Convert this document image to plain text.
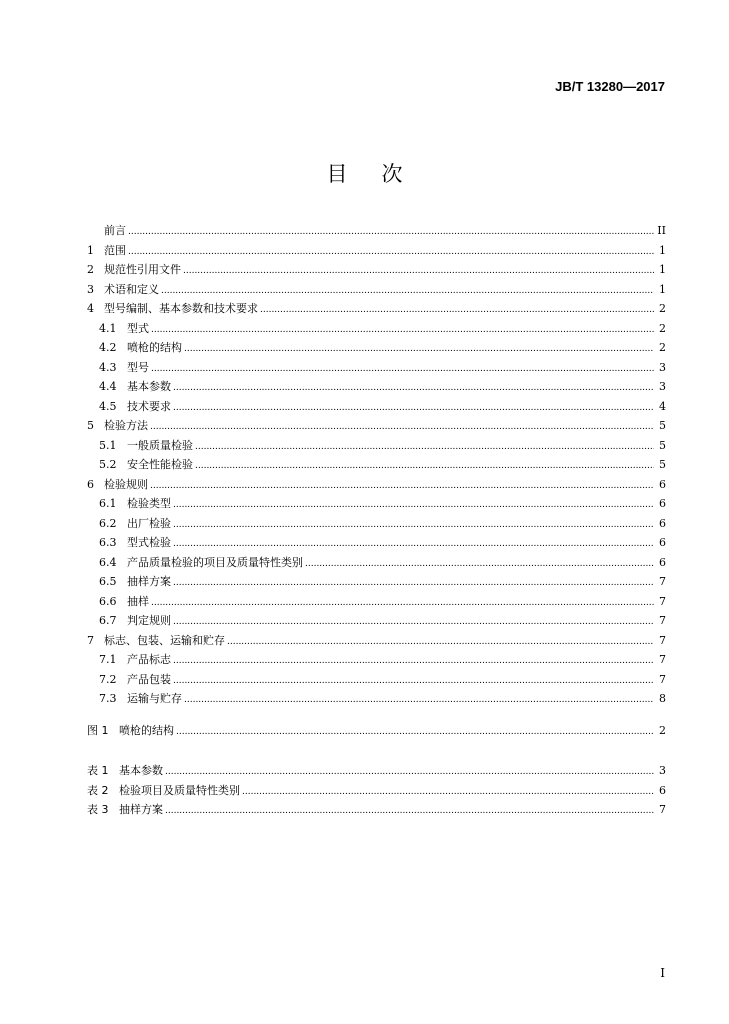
JB/T 13280—2017
目 次
前言 .....	II
1 范围 .....	1
2 规范性引用文件 .....	1
3 术语和定义 .....	1
4 型号编制、基本参数和技术要求 .....	2
4.1 型式 .....	2
4.2 喷枪的结构 .....	2
4.3 型号 .....	3
4.4 基本参数 .....	3
4.5 技术要求 .....	4
5 检验方法 .....	5
5.1 一般质量检验 .....	5
5.2 安全性能检验 .....	5
6 检验规则 .....	6
6.1 检验类型 .....	6
6.2 出厂检验 .....	6
6.3 型式检验 .....	6
6.4 产品质量检验的项目及质量特性类别 .....	6
6.5 抽样方案 .....	7
6.6 抽样 .....	7
6.7 判定规则 .....	7
7 标志、包装、运输和贮存 .....	7
7.1 产品标志 .....	7
7.2 产品包装 .....	7
7.3 运输与贮存 .....	8
图 1 喷枪的结构 .....	2
表 1 基本参数 .....	3
表 2 检验项目及质量特性类别 .....	6
表 3 抽样方案 .....	7
I
